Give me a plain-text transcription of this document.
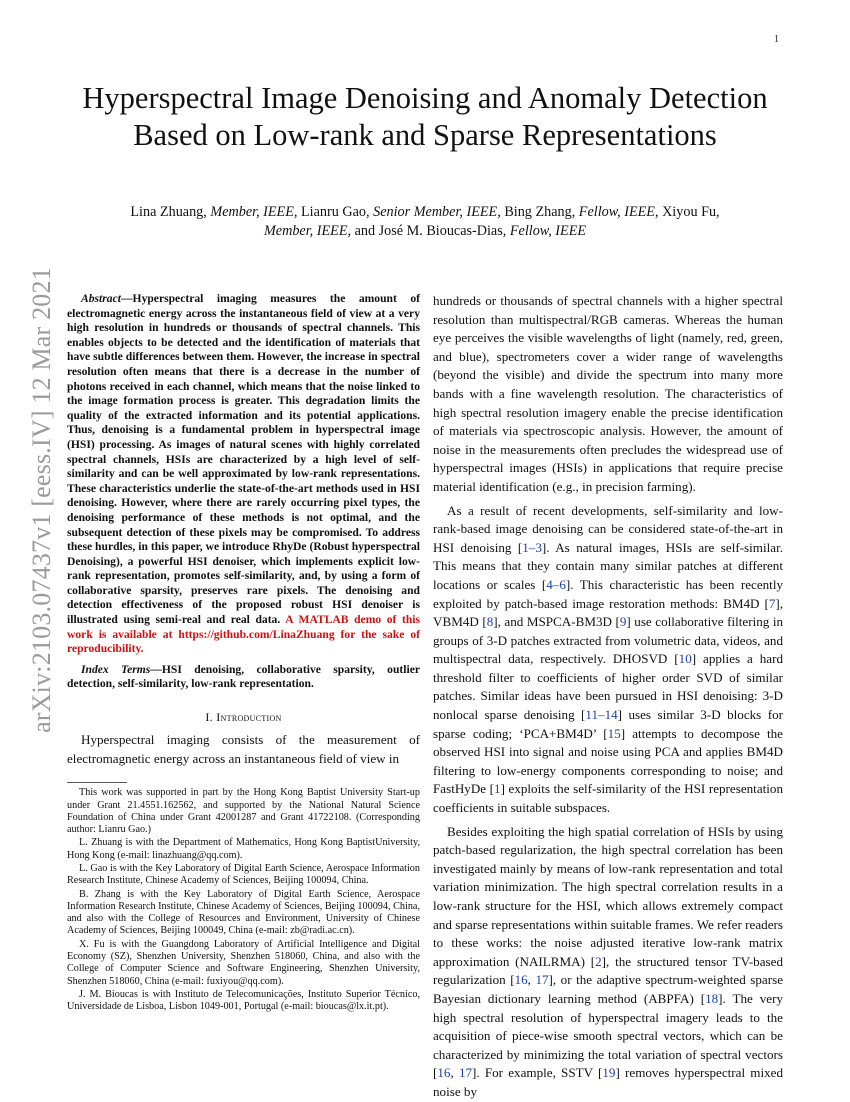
1
arXiv:2103.07437v1 [eess.IV] 12 Mar 2021
Hyperspectral Image Denoising and Anomaly Detection Based on Low-rank and Sparse Representations
Lina Zhuang, Member, IEEE, Lianru Gao, Senior Member, IEEE, Bing Zhang, Fellow, IEEE, Xiyou Fu,
Member, IEEE, and José M. Bioucas-Dias, Fellow, IEEE

Abstract—Hyperspectral imaging measures the amount of electromagnetic energy across the instantaneous field of view at a very high resolution in hundreds or thousands of spectral channels. This enables objects to be detected and the identification of materials that have subtle differences between them. However, the increase in spectral resolution often means that there is a decrease in the number of photons received in each channel, which means that the noise linked to the image formation process is greater. This degradation limits the quality of the extracted information and its potential applications. Thus, denoising is a fundamental problem in hyperspectral image (HSI) processing. As images of natural scenes with highly correlated spectral channels, HSIs are characterized by a high level of self-similarity and can be well approximated by low-rank representations. These characteristics underlie the state-of-the-art methods used in HSI denoising. However, where there are rarely occurring pixel types, the denoising performance of these methods is not optimal, and the subsequent detection of these pixels may be compromised. To address these hurdles, in this paper, we introduce RhyDe (Robust hyperspectral Denoising), a powerful HSI denoiser, which implements explicit low-rank representation, promotes self-similarity, and, by using a form of collaborative sparsity, preserves rare pixels. The denoising and detection effectiveness of the proposed robust HSI denoiser is illustrated using semi-real and real data. A MATLAB demo of this work is available at https://github.com/LinaZhuang for the sake of reproducibility.

Index Terms—HSI denoising, collaborative sparsity, outlier detection, self-similarity, low-rank representation.

I. Introduction

Hyperspectral imaging consists of the measurement of electromagnetic energy across an instantaneous field of view in

This work was supported in part by the Hong Kong Baptist University Start-up under Grant 21.4551.162562, and supported by the National Natural Science Foundation of China under Grant 42001287 and Grant 41722108. (Corresponding author: Lianru Gao.)

L. Zhuang is with the Department of Mathematics, Hong Kong BaptistUniversity, Hong Kong (e-mail: linazhuang@qq.com).

L. Gao is with the Key Laboratory of Digital Earth Science, Aerospace Information Research Institute, Chinese Academy of Sciences, Beijing 100094, China.

B. Zhang is with the Key Laboratory of Digital Earth Science, Aerospace Information Research Institute, Chinese Academy of Sciences, Beijing 100094, China, and also with the College of Resources and Environment, University of Chinese Academy of Sciences, Beijing 100049, China (e-mail: zb@radi.ac.cn).

X. Fu is with the Guangdong Laboratory of Artificial Intelligence and Digital Economy (SZ), Shenzhen University, Shenzhen 518060, China, and also with the College of Computer Science and Software Engineering, Shenzhen University, Shenzhen 518060, China (e-mail: fuxiyou@qq.com).

J. M. Bioucas is with Instituto de Telecomunicações, Instituto Superior Técnico, Universidade de Lisboa, Lisbon 1049-001, Portugal (e-mail: bioucas@lx.it.pt).

hundreds or thousands of spectral channels with a higher spectral resolution than multispectral/RGB cameras. Whereas the human eye perceives the visible wavelengths of light (namely, red, green, and blue), spectrometers cover a wider range of wavelengths (beyond the visible) and divide the spectrum into many more bands with a fine wavelength resolution. The characteristics of high spectral resolution imagery enable the precise identification of materials via spectroscopic analysis. However, the amount of noise in the measurements often precludes the widespread use of hyperspectral images (HSIs) in applications that require precise material identification (e.g., in precision farming).

As a result of recent developments, self-similarity and low-rank-based image denoising can be considered state-of-the-art in HSI denoising [1–3]. As natural images, HSIs are self-similar. This means that they contain many similar patches at different locations or scales [4–6]. This characteristic has been recently exploited by patch-based image restoration methods: BM4D [7], VBM4D [8], and MSPCA-BM3D [9] use collaborative filtering in groups of 3-D patches extracted from volumetric data, videos, and multispectral data, respectively. DHOSVD [10] applies a hard threshold filter to coefficients of higher order SVD of similar patches. Similar ideas have been pursued in HSI denoising: 3-D nonlocal sparse denoising [11–14] uses similar 3-D blocks for sparse coding; ‘PCA+BM4D’ [15] attempts to decompose the observed HSI into signal and noise using PCA and applies BM4D filtering to low-energy components corresponding to noise; and FastHyDe [1] exploits the self-similarity of the HSI representation coefficients in suitable subspaces.

Besides exploiting the high spatial correlation of HSIs by using patch-based regularization, the high spectral correlation has been investigated mainly by means of low-rank representation and total variation minimization. The high spectral correlation results in a low-rank structure for the HSI, which allows extremely compact and sparse representations within suitable frames. We refer readers to these works: the noise adjusted iterative low-rank matrix approximation (NAILRMA) [2], the structured tensor TV-based regularization [16, 17], or the adaptive spectrum-weighted sparse Bayesian dictionary learning method (ABPFA) [18]. The very high spectral resolution of hyperspectral imagery leads to the acquisition of piece-wise smooth spectral vectors, which can be characterized by minimizing the total variation of spectral vectors [16, 17]. For example, SSTV [19] removes hyperspectral mixed noise by
